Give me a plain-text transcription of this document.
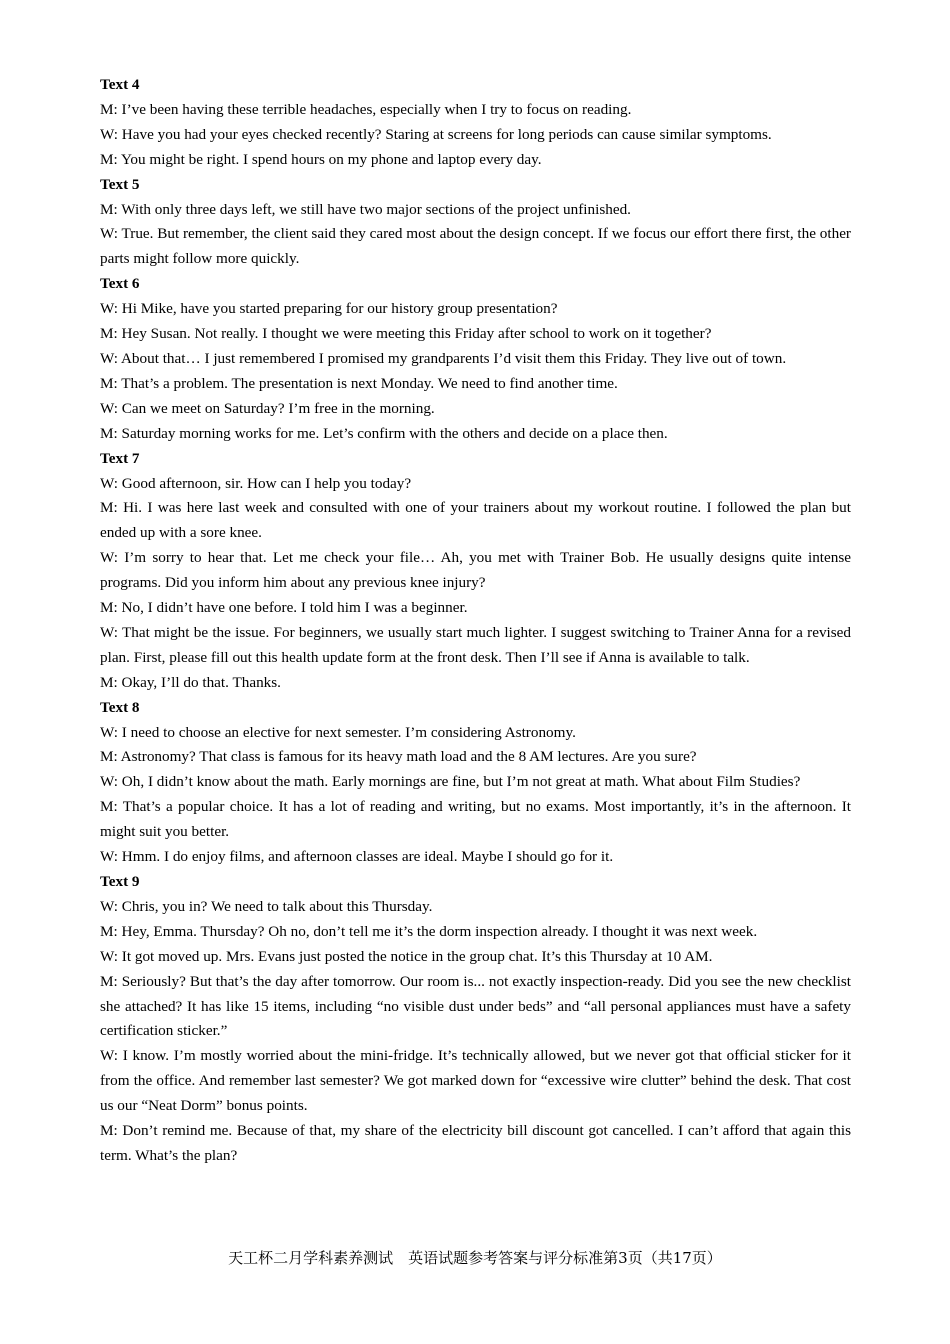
Text 4

M: I’ve been having these terrible headaches, especially when I try to focus on reading.

W: Have you had your eyes checked recently? Staring at screens for long periods can cause similar symptoms.

M: You might be right. I spend hours on my phone and laptop every day.

Text 5

M: With only three days left, we still have two major sections of the project unfinished.

W: True. But remember, the client said they cared most about the design concept. If we focus our effort there first, the other parts might follow more quickly.

Text 6

W: Hi Mike, have you started preparing for our history group presentation?

M: Hey Susan. Not really. I thought we were meeting this Friday after school to work on it together?

W: About that… I just remembered I promised my grandparents I’d visit them this Friday. They live out of town.

M: That’s a problem. The presentation is next Monday. We need to find another time.

W: Can we meet on Saturday? I’m free in the morning.

M: Saturday morning works for me. Let’s confirm with the others and decide on a place then.

Text 7

W: Good afternoon, sir. How can I help you today?

M: Hi. I was here last week and consulted with one of your trainers about my workout routine. I followed the plan but ended up with a sore knee.

W: I’m sorry to hear that. Let me check your file… Ah, you met with Trainer Bob. He usually designs quite intense programs. Did you inform him about any previous knee injury?

M: No, I didn’t have one before. I told him I was a beginner.

W: That might be the issue. For beginners, we usually start much lighter. I suggest switching to Trainer Anna for a revised plan. First, please fill out this health update form at the front desk. Then I’ll see if Anna is available to talk.

M: Okay, I’ll do that. Thanks.

Text 8

W: I need to choose an elective for next semester. I’m considering Astronomy.

M: Astronomy? That class is famous for its heavy math load and the 8 AM lectures. Are you sure?

W: Oh, I didn’t know about the math. Early mornings are fine, but I’m not great at math. What about Film Studies?

M: That’s a popular choice. It has a lot of reading and writing, but no exams. Most importantly, it’s in the afternoon. It might suit you better.

W: Hmm. I do enjoy films, and afternoon classes are ideal. Maybe I should go for it.

Text 9

W: Chris, you in? We need to talk about this Thursday.

M: Hey, Emma. Thursday? Oh no, don’t tell me it’s the dorm inspection already. I thought it was next week.

W: It got moved up. Mrs. Evans just posted the notice in the group chat. It’s this Thursday at 10 AM.

M: Seriously? But that’s the day after tomorrow. Our room is... not exactly inspection-ready. Did you see the new checklist she attached? It has like 15 items, including “no visible dust under beds” and “all personal appliances must have a safety certification sticker.”

W: I know. I’m mostly worried about the mini-fridge. It’s technically allowed, but we never got that official sticker for it from the office. And remember last semester? We got marked down for “excessive wire clutter” behind the desk. That cost us our “Neat Dorm” bonus points.

M: Don’t remind me. Because of that, my share of the electricity bill discount got cancelled. I can’t afford that again this term. What’s the plan?

天工杯二月学科素养测试　英语试题参考答案与评分标准第3页（共17页）
